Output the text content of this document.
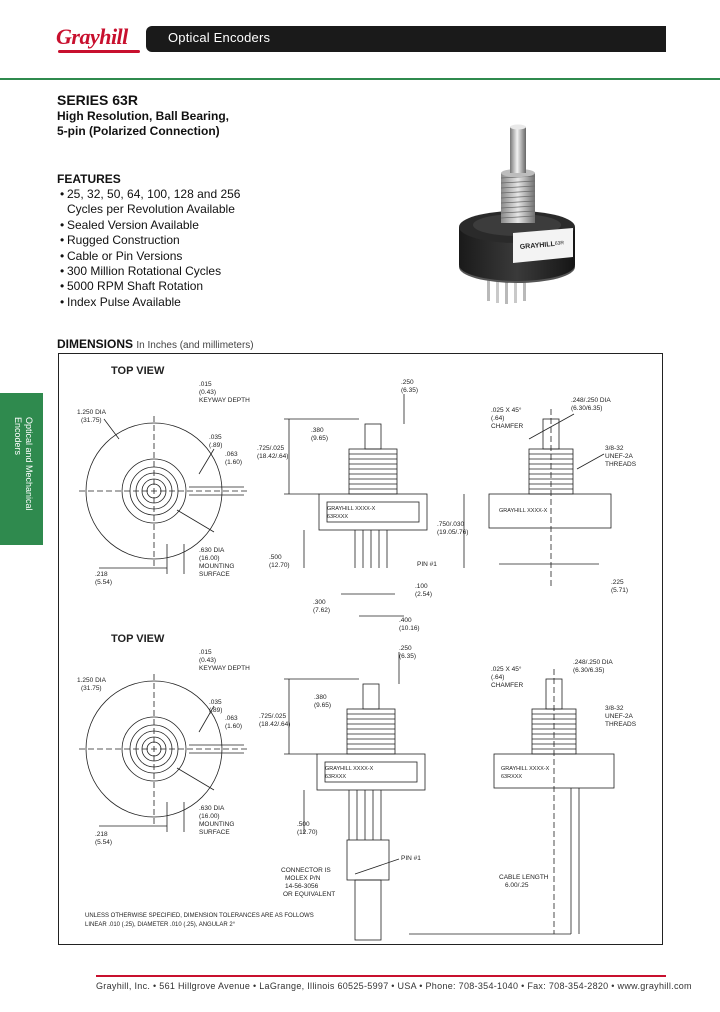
Grayhill	Optical Encoders
SERIES 63R
High Resolution, Ball Bearing,
5-pin (Polarized Connection)
FEATURES
• 25, 32, 50, 64, 100, 128 and 256
Cycles per Revolution Available
• Sealed Version Available
• Rugged Construction
• Cable or Pin Versions
• 300 Million Rotational Cycles
• 5000 RPM Shaft Rotation
• Index Pulse Available
GRAYHILL 63R
DIMENSIONS In Inches (and millimeters)
TOP VIEW
.015
(0.43)
KEYWAY DEPTH
1.250 DIA
(31.75)
.035
(.89)
.063
(1.60)
.630 DIA
(16.00)
MOUNTING
SURFACE
.218
(5.54)
.250
(6.35)
.380
(9.65)
.725/.025
(18.42/.64)
GRAYHILL XXXX-X
63RXXX
.500
(12.70)	PIN #1
.100
(2.54)
.300
(7.62)
.400
(10.16)
.025 X 45°
(.64)
CHAMFER
.248/.250 DIA
(6.30/6.35)
3/8-32
UNEF-2A
THREADS
GRAYHILL XXXX-X
.750/.030
(19.05/.76)
.225
(5.71)
TOP VIEW
.015
(0.43)
KEYWAY DEPTH
1.250 DIA
(31.75)
.035
(.89)
.063
(1.60)
.630 DIA
(16.00)
MOUNTING
SURFACE
.218
(5.54)
.250
(6.35)
.380
(9.65)
.725/.025
(18.42/.64)
GRAYHILL XXXX-X
63RXXX
.500
(12.70)
PIN #1
CONNECTOR IS
MOLEX P/N
14-56-3056
OR EQUIVALENT
.025 X 45°
(.64)
CHAMFER
.248/.250 DIA
(6.30/6.35)
3/8-32
UNEF-2A
THREADS
GRAYHILL XXXX-X
63RXXX
CABLE LENGTH
6.00/.25
UNLESS OTHERWISE SPECIFIED, DIMENSION TOLERANCES ARE AS FOLLOWS
LINEAR .010 (.25), DIAMETER .010 (.25), ANGULAR 2°
Optical and Mechanical
Encoders
Grayhill, Inc. • 561 Hillgrove Avenue • LaGrange, Illinois 60525-5997 • USA • Phone: 708-354-1040 • Fax: 708-354-2820 • www.grayhill.com
